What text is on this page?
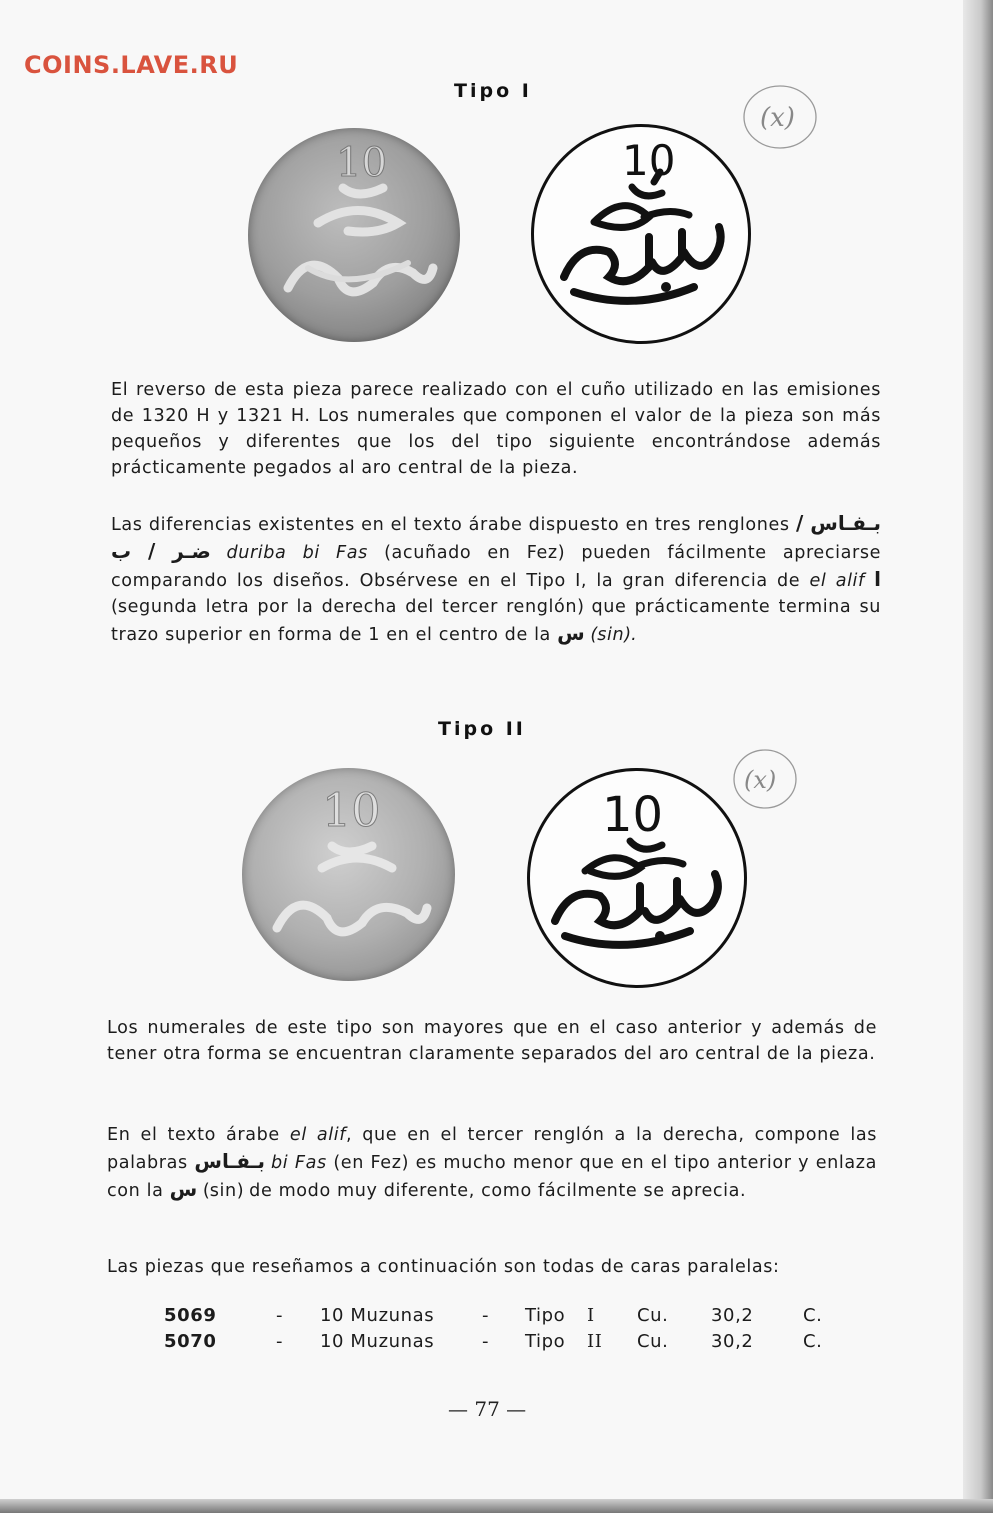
COINS.LAVE.RU
Tipo I
10	10
(x)

El reverso de esta pieza parece realizado con el cuño utilizado en las emisiones de 1320 H y 1321 H. Los numerales que componen el valor de la pieza son más pequeños y diferentes que los del tipo siguiente encontrándose además prácticamente pegados al aro central de la pieza.

Las diferencias existentes en el texto árabe dispuesto en tres renglones بـفـاس / ضـر / ب duriba bi Fas (acuñado en Fez) pueden fácilmente apreciarse comparando los diseños. Obsérvese en el Tipo I, la gran diferencia de el alif ا (segunda letra por la derecha del tercer renglón) que prácticamente termina su trazo superior en forma de 1 en el centro de la س (sin).

Tipo II
10	10
(x)

Los numerales de este tipo son mayores que en el caso anterior y además de tener otra forma se encuentran claramente separados del aro central de la pieza.

En el texto árabe el alif, que en el tercer renglón a la derecha, compone las palabras بـفـاس bi Fas (en Fez) es mucho menor que en el tipo anterior y enlaza con la س (sin) de modo muy diferente, como fácilmente se aprecia.

Las piezas que reseñamos a continuación son todas de caras paralelas:

5069	- 10 Muzunas	- Tipo I Cu. 30,2	C.
5070	- 10 Muzunas	- Tipo II Cu. 30,2	C.
— 77 —
